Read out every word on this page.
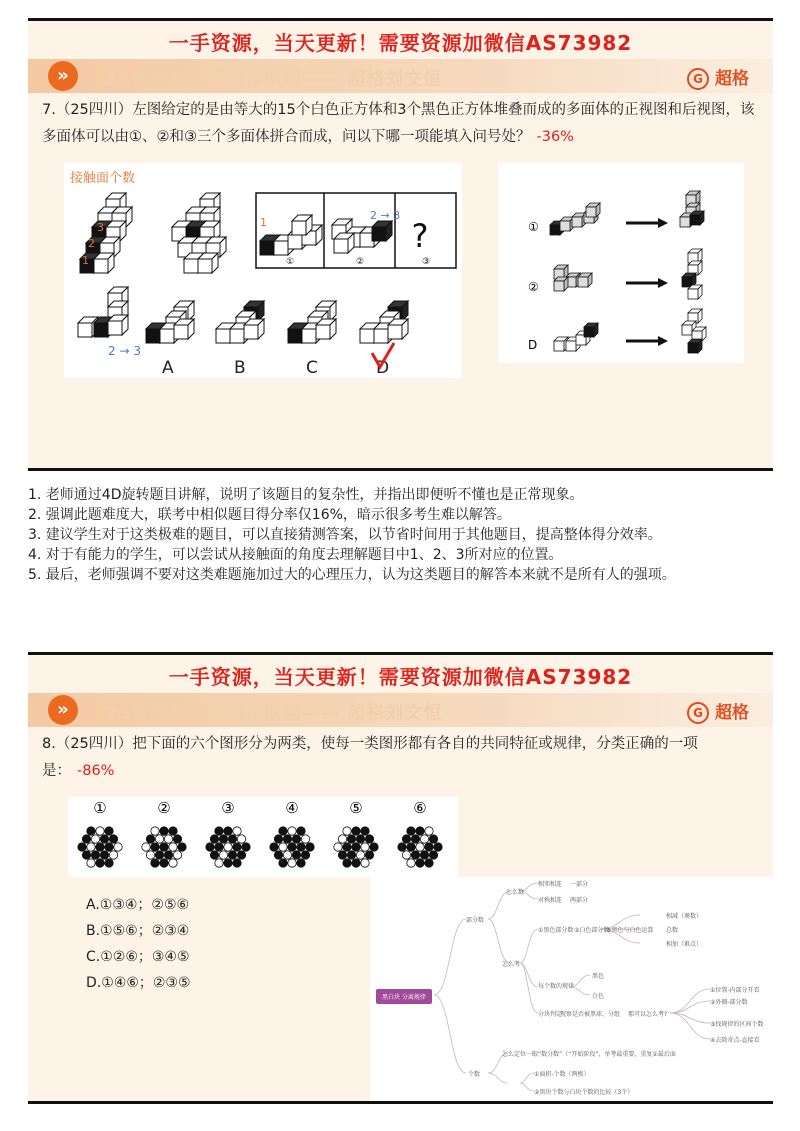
一手资源，当天更新！需要资源加微信AS73982
»	25省考超大杯图推刷题—— 超格刘文恒	G 超格
7.（25四川）左图给定的是由等大的15个白色正方体和3个黑色正方体堆叠而成的多面体的正视图和后视图，该多面体可以由①、②和③三个多面体拼合而成，问以下哪一项能填入问号处？ -36%
接触面个数
3
2
1
1
2 → 3
?
①	②	③
2 → 3
A	B	C	D
①
②
D

1. 老师通过4D旋转题目讲解，说明了该题目的复杂性，并指出即便听不懂也是正常现象。

2. 强调此题难度大，联考中相似题目得分率仅16%，暗示很多考生难以解答。

3. 建议学生对于这类极难的题目，可以直接猜测答案，以节省时间用于其他题目，提高整体得分效率。

4. 对于有能力的学生，可以尝试从接触面的角度去理解题目中1、2、3所对应的位置。

5. 最后，老师强调不要对这类难题施加过大的心理压力，认为这类题目的解答本来就不是所有人的强项。

一手资源，当天更新！需要资源加微信AS73982
»	25省考超大杯图推刷题—— 超格刘文恒	G 超格
8.（25四川）把下面的六个图形分为两类，使每一类图形都有各自的共同特征或规律，分类正确的一项是： -86%
①	②	③	④	⑤	⑥
A.①③④；②⑤⑥
B.①⑤⑥；②③④
C.①②⑥；③④⑤
D.①④⑥；②③⑤
黑白块 分离规律
部分数
怎么数
相邻相连 一部分
对称相连 两部分
怎么考
①黑色部分数 ②白色部分数
③黑色与白色运算
相减（奥数）
总数
相加（难点）
每个数的规律
黑色
白色
分块判定
观察是否被黑球、分组 那可以怎么考?
①位置-内部分开看
②外圈-部分数
③找规律的区间个数
④去除奇点-直接看
个数
怎么定位 一眼“数分数”（“开始阶段”，单考最重要，重复①最后面
①面积-个数（两极）
②黑块个数与白块个数的比较（3个）
